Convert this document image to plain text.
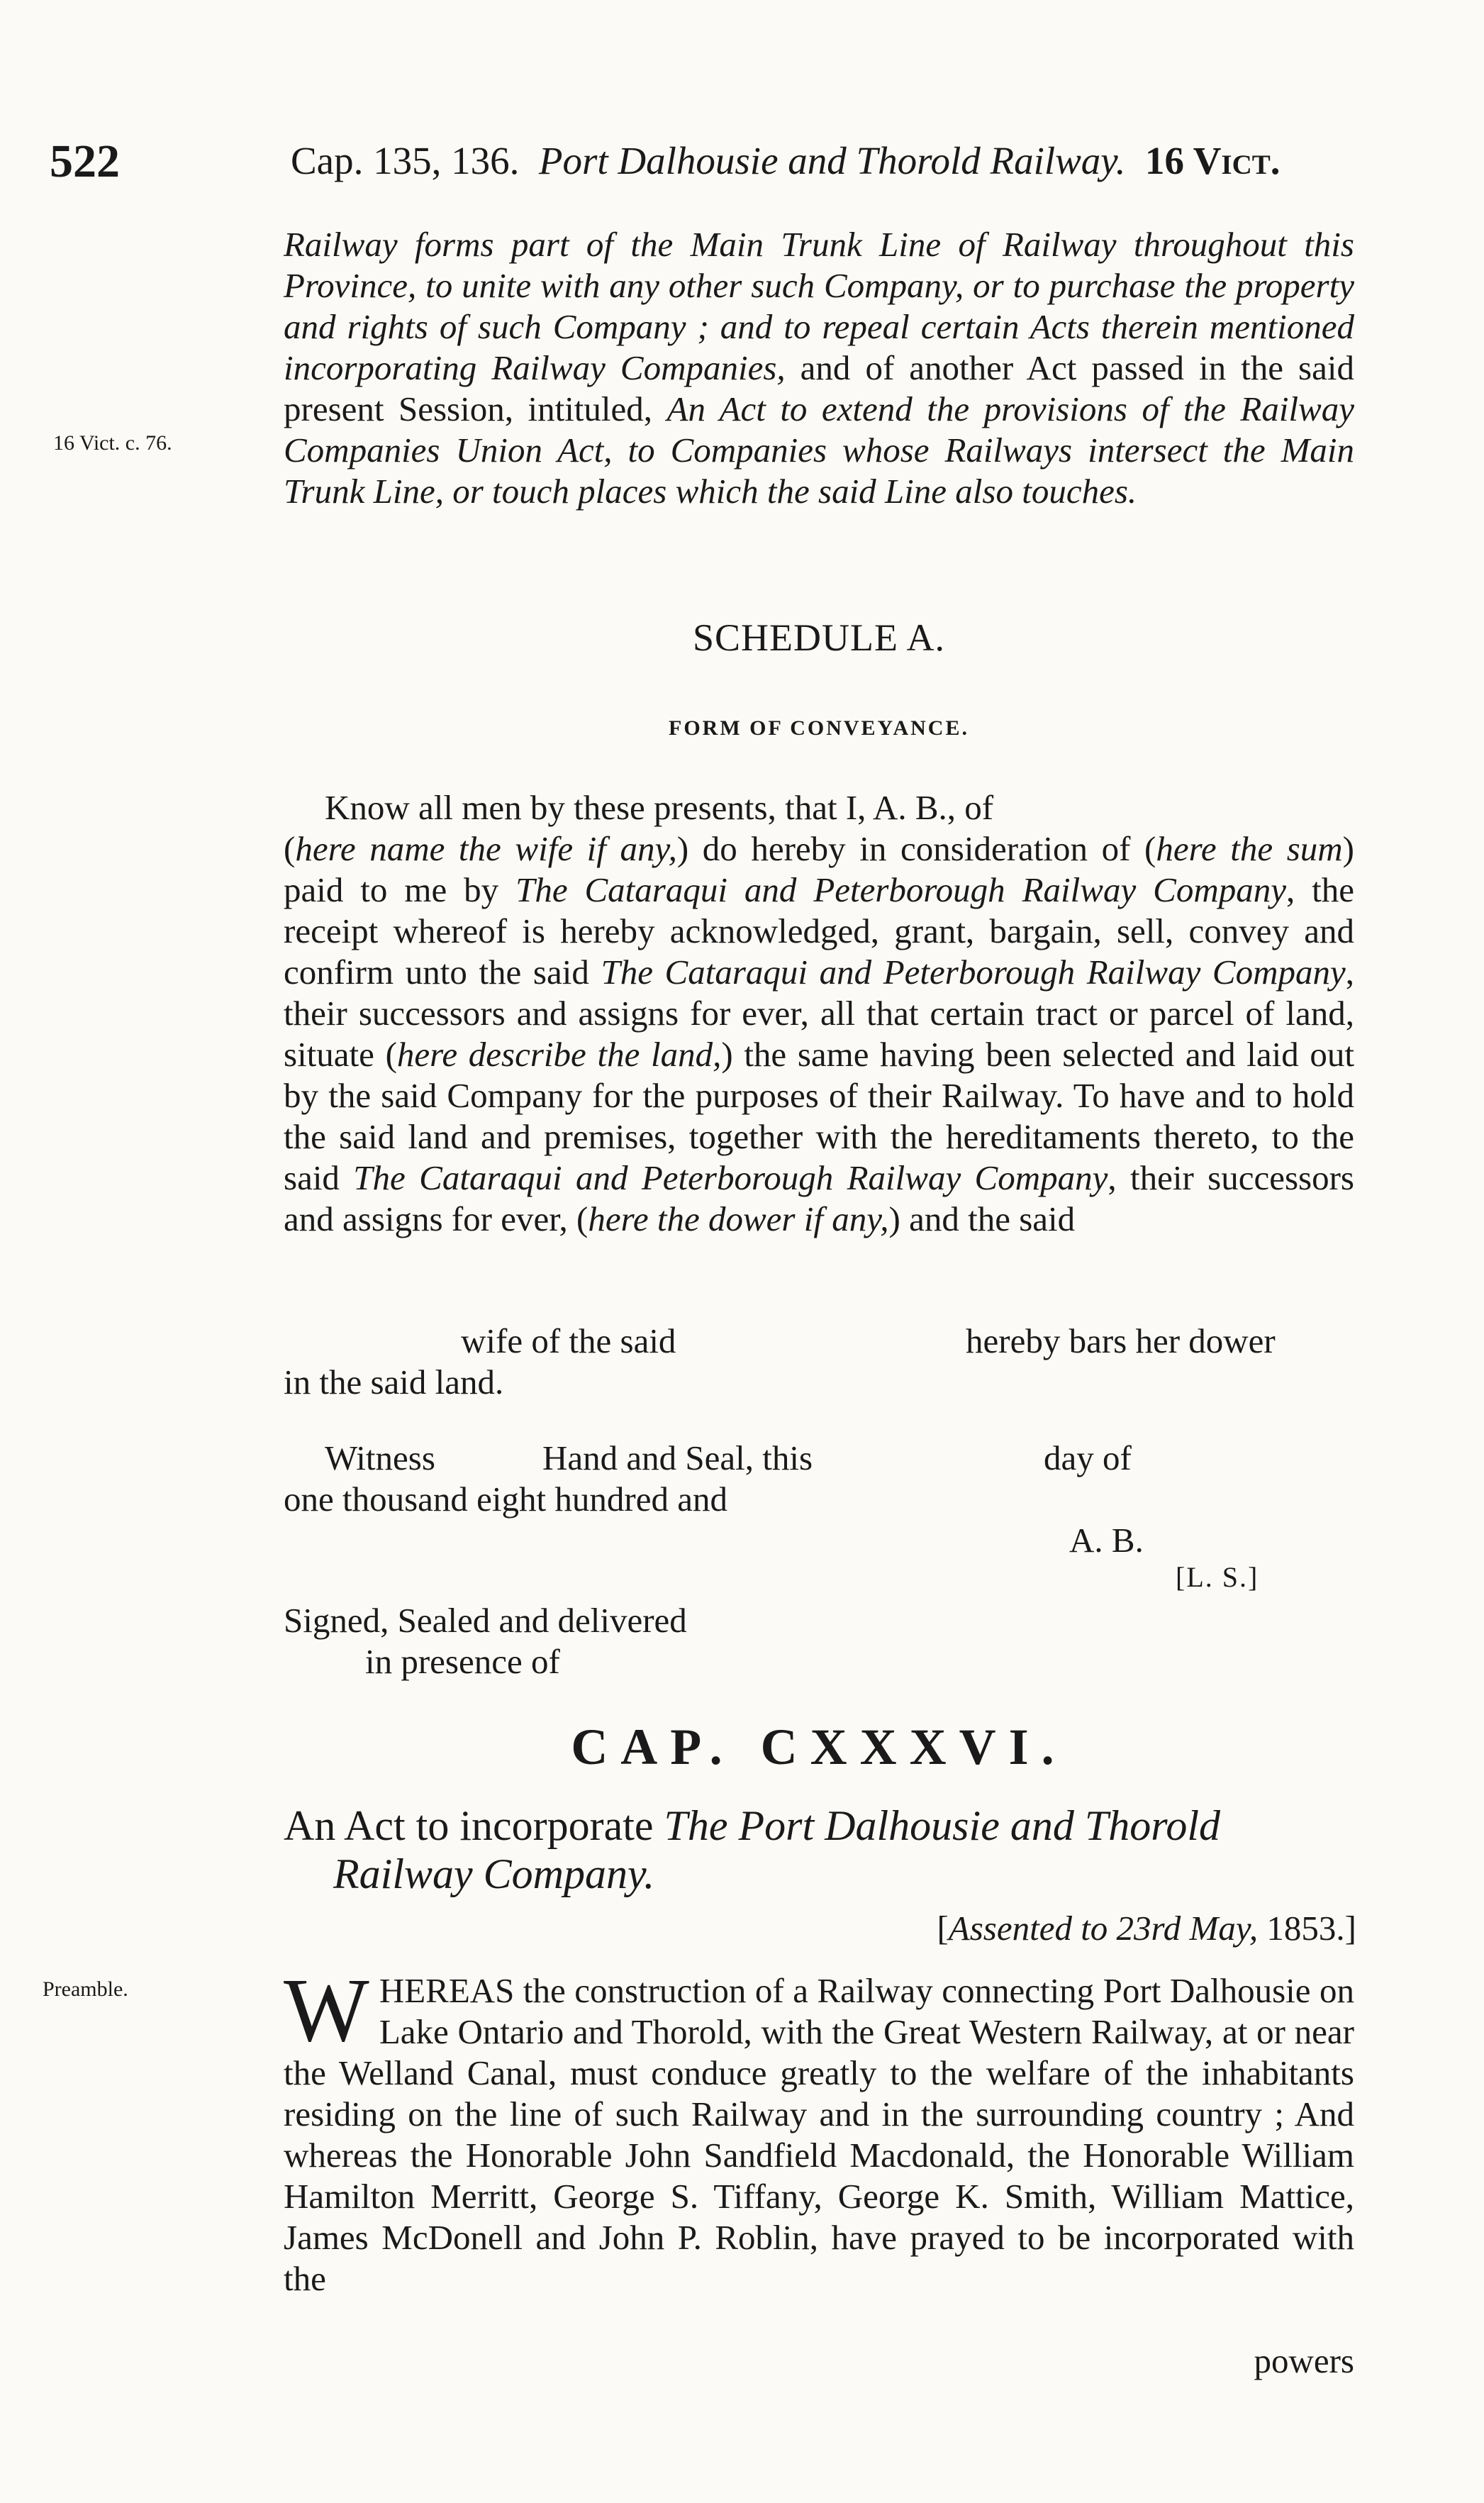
522	Cap. 135, 136. Port Dalhousie and Thorold Railway. 16 Vict.

Railway forms part of the Main Trunk Line of Railway throughout this Province, to unite with any other such Company, or to purchase the property and rights of such Company ; and to repeal certain Acts therein mentioned incorporating Railway Companies, and of another Act passed in the said present Session, intituled, An Act to extend the provisions of the Railway Companies Union Act, to Companies whose Railways intersect the Main Trunk Line, or touch places which the said Line also touches.

16 Vict. c. 76.
SCHEDULE A.
FORM OF CONVEYANCE.

Know all men by these presents, that I, A. B., of
(here name the wife if any,) do hereby in consideration of (here the sum) paid to me by The Cataraqui and Peterborough Railway Company, the receipt whereof is hereby acknowledged, grant, bargain, sell, convey and confirm unto the said The Cataraqui and Peterborough Railway Company, their successors and assigns for ever, all that certain tract or parcel of land, situate (here describe the land,) the same having been selected and laid out by the said Company for the purposes of their Railway. To have and to hold the said land and premises, together with the hereditaments thereto, to the said The Cataraqui and Peterborough Railway Company, their successors and assigns for ever, (here the dower if any,) and the said

wife of the said	hereby bars her dower
in the said land.
Witness	Hand and Seal, this	day of
one thousand eight hundred and
A. B.
[L. S.]
Signed, Sealed and delivered
in presence of
CAP. CXXXVI.
An Act to incorporate The Port Dalhousie and Thorold
Railway Company.
[Assented to 23rd May, 1853.]
Preamble. WHEREAS the construction of a Railway connecting Port Dalhousie on Lake Ontario and Thorold, with the Great Western Railway, at or near the Welland Canal, must conduce greatly to the welfare of the inhabitants residing on the line of such Railway and in the surrounding country ; And whereas the Honorable John Sandfield Macdonald, the Honorable William Hamilton Merritt, George S. Tiffany, George K. Smith, William Mattice, James McDonell and John P. Roblin, have prayed to be incorporated with the

powers
